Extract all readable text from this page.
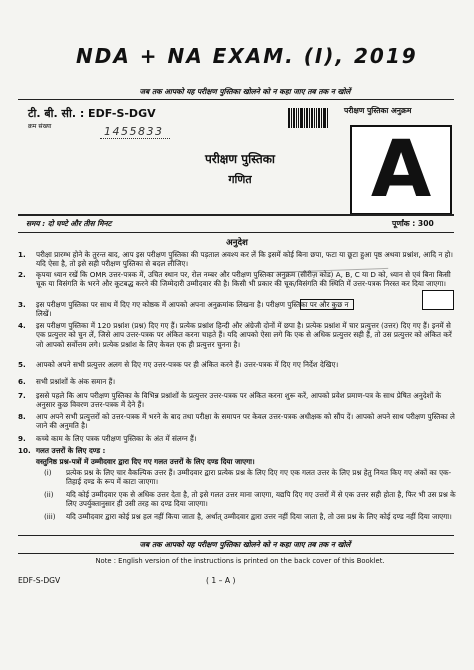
NDA + NA EXAM. (I), 2019
जब तक आपको यह परीक्षण पुस्तिका खोलने को न कहा जाए तब तक न खोलें
टी. बी. सी. : EDF-S-DGV
क्रम संख्या	1455833
परीक्षण पुस्तिका अनुक्रम
परीक्षण पुस्तिका
गणित	A
समय : दो घण्टे और तीस मिनट	पूर्णांक : 300
अनुदेश
1.	परीक्षा प्रारम्भ होने के तुरन्त बाद, आप इस परीक्षण पुस्तिका की पड़ताल अवश्य कर लें कि इसमें कोई बिना छपा, फटा या छूटा हुआ पृष्ठ अथवा प्रश्नांश, आदि न हो। यदि ऐसा है, तो इसे सही परीक्षण पुस्तिका से बदल लीजिए।
2.	कृपया ध्यान रखें कि OMR उत्तर-पत्रक में, उचित स्थान पर, रोल नम्बर और परीक्षण पुस्तिका अनुक्रम (सीरीज़ कोड) A, B, C या D को, ध्यान से एवं बिना किसी चूक या विसंगति के भरने और कूटबद्ध करने की जिम्मेदारी उम्मीदवार की है। किसी भी प्रकार की चूक/विसंगति की स्थिति में उत्तर-पत्रक निरस्त कर दिया जाएगा।
3.	इस परीक्षण पुस्तिका पर साथ में दिए गए कोष्ठक में आपको अपना अनुक्रमांक लिखना है। परीक्षण पुस्तिका पर और कुछ न लिखें।
4.	इस परीक्षण पुस्तिका में 120 प्रश्नांश (प्रश्न) दिए गए हैं। प्रत्येक प्रश्नांश हिन्दी और अंग्रेजी दोनों में छपा है। प्रत्येक प्रश्नांश में चार प्रत्युत्तर (उत्तर) दिए गए हैं। इनमें से एक प्रत्युत्तर को चुन लें, जिसे आप उत्तर-पत्रक पर अंकित करना चाहते हैं। यदि आपको ऐसा लगे कि एक से अधिक प्रत्युत्तर सही हैं, तो उस प्रत्युत्तर को अंकित करें जो आपको सर्वोत्तम लगे। प्रत्येक प्रश्नांश के लिए केवल एक ही प्रत्युत्तर चुनना है।
5.	आपको अपने सभी प्रत्युत्तर अलग से दिए गए उत्तर-पत्रक पर ही अंकित करने हैं। उत्तर-पत्रक में दिए गए निर्देश देखिए।
6.	सभी प्रश्नांशों के अंक समान हैं।
7.	इससे पहले कि आप परीक्षण पुस्तिका के विभिन्न प्रश्नांशों के प्रत्युत्तर उत्तर-पत्रक पर अंकित करना शुरू करें, आपको प्रवेश प्रमाण-पत्र के साथ प्रेषित अनुदेशों के अनुसार कुछ विवरण उत्तर-पत्रक में देने हैं।
8.	आप अपने सभी प्रत्युत्तरों को उत्तर-पत्रक में भरने के बाद तथा परीक्षा के समापन पर केवल उत्तर-पत्रक अधीक्षक को सौंप दें। आपको अपने साथ परीक्षण पुस्तिका ले जाने की अनुमति है।
9.	कच्चे काम के लिए पत्रक परीक्षण पुस्तिका के अंत में संलग्न हैं।
10. गलत उत्तरों के लिए दण्ड :
वस्तुनिष्ठ प्रश्न-पत्रों में उम्मीदवार द्वारा दिए गए गलत उत्तरों के लिए दण्ड दिया जाएगा।
(i)	प्रत्येक प्रश्न के लिए चार वैकल्पिक उत्तर हैं। उम्मीदवार द्वारा प्रत्येक प्रश्न के लिए दिए गए एक गलत उत्तर के लिए प्रश्न हेतु नियत किए गए अंकों का एक-तिहाई दण्ड के रूप में काटा जाएगा।
(ii)	यदि कोई उम्मीदवार एक से अधिक उत्तर देता है, तो इसे गलत उत्तर माना जाएगा, यद्यपि दिए गए उत्तरों में से एक उत्तर सही होता है, फिर भी उस प्रश्न के लिए उपर्युक्तानुसार ही उसी तरह का दण्ड दिया जाएगा।
(iii)	यदि उम्मीदवार द्वारा कोई प्रश्न हल नहीं किया जाता है, अर्थात् उम्मीदवार द्वारा उत्तर नहीं दिया जाता है, तो उस प्रश्न के लिए कोई दण्ड नहीं दिया जाएगा।
जब तक आपको यह परीक्षण पुस्तिका खोलने को न कहा जाए तब तक न खोलें
Note : English version of the instructions is printed on the back cover of this Booklet.
EDF-S-DGV	( 1 – A )
